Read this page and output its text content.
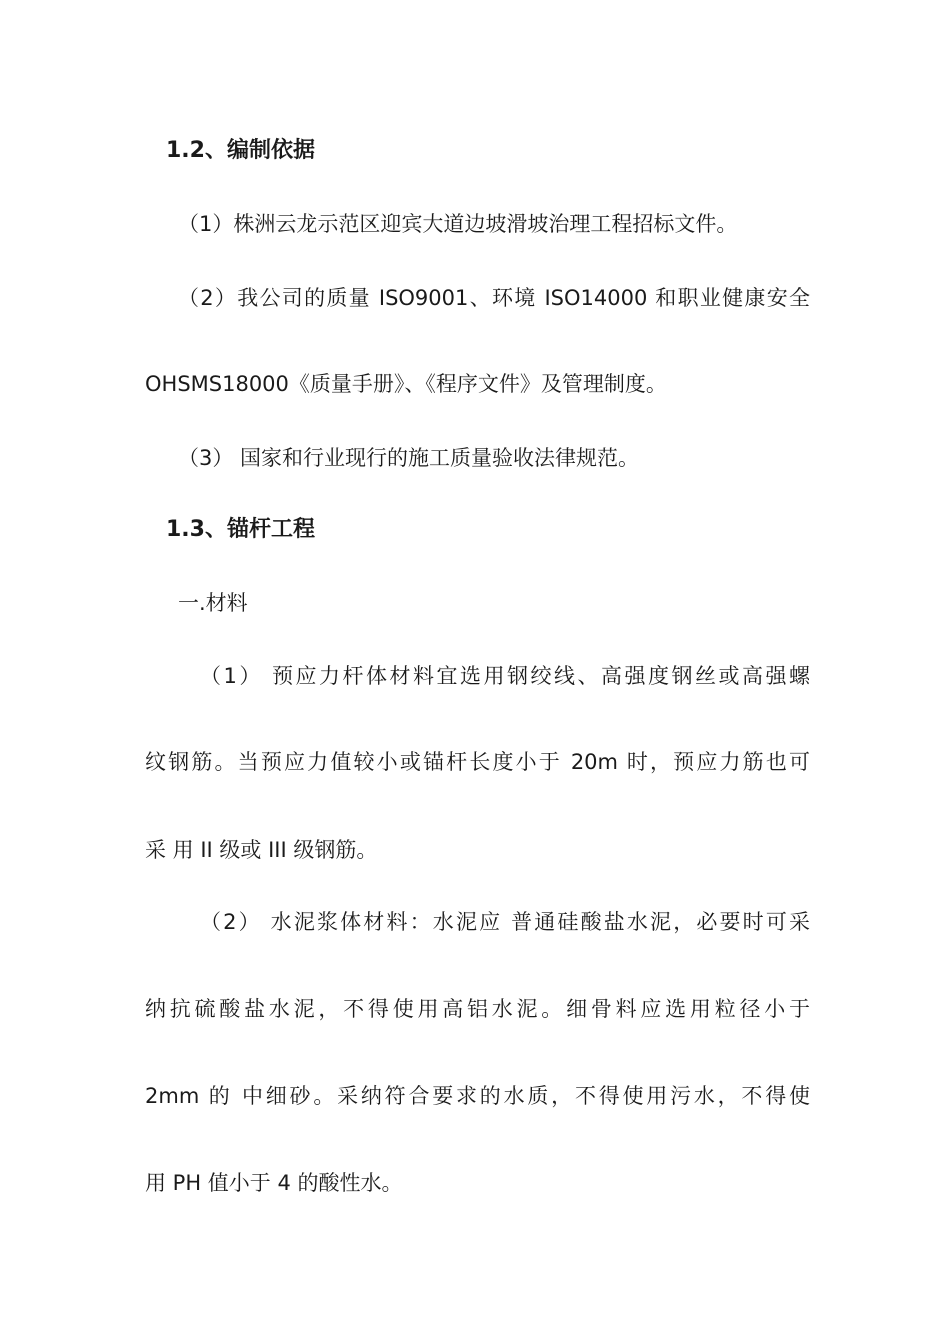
1.2、编制依据
（1）株洲云龙示范区迎宾大道边坡滑坡治理工程招标文件。
（2）我公司的质量 ISO9001、环境 ISO14000 和职业健康安全
OHSMS18000《质量手册》、《程序文件》及管理制度。
（3） 国家和行业现行的施工质量验收法律规范。
1.3、锚杆工程
一.材料
（1） 预应力杆体材料宜选用钢绞线、高强度钢丝或高强螺
纹钢筋。当预应力值较小或锚杆长度小于 20m 时，预应力筋也可
采 用 II 级或 III 级钢筋。
（2） 水泥浆体材料：水泥应 普通硅酸盐水泥，必要时可采
纳抗硫酸盐水泥，不得使用高铝水泥。细骨料应选用粒径小于
2mm 的 中细砂。采纳符合要求的水质，不得使用污水，不得使
用 PH 值小于 4 的酸性水。
